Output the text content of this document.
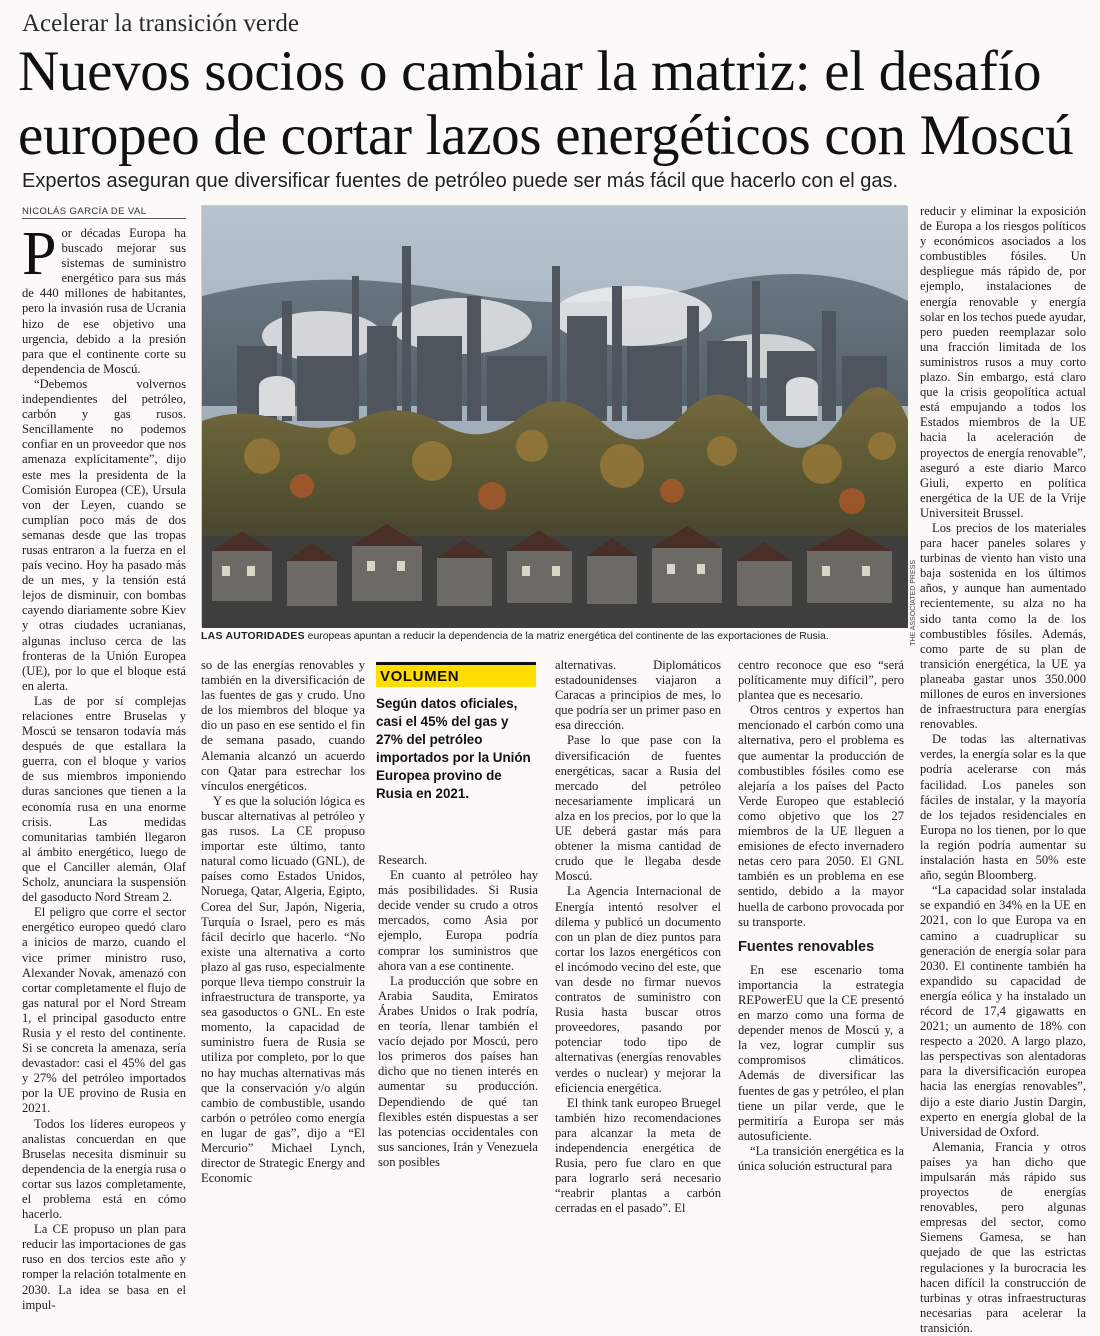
Acelerar la transición verde
Nuevos socios o cambiar la matriz: el desafío europeo de cortar lazos energéticos con Moscú
Expertos aseguran que diversificar fuentes de petróleo puede ser más fácil que hacerlo con el gas.
NICOLÁS GARCÍA DE VAL

Por décadas Europa ha buscado mejorar sus sistemas de suministro energético para sus más de 440 millones de habitantes, pero la invasión rusa de Ucrania hizo de ese objetivo una urgencia, debido a la presión para que el continente corte su dependencia de Moscú.

“Debemos volvernos independientes del petróleo, carbón y gas rusos. Sencillamente no podemos confiar en un proveedor que nos amenaza explícitamente”, dijo este mes la presidenta de la Comisión Europea (CE), Ursula von der Leyen, cuando se cumplían poco más de dos semanas desde que las tropas rusas entraron a la fuerza en el país vecino. Hoy ha pasado más de un mes, y la tensión está lejos de disminuir, con bombas cayendo diariamente sobre Kiev y otras ciudades ucranianas, algunas incluso cerca de las fronteras de la Unión Europea (UE), por lo que el bloque está en alerta.

Las de por sí complejas relaciones entre Bruselas y Moscú se tensaron todavía más después de que estallara la guerra, con el bloque y varios de sus miembros imponiendo duras sanciones que tienen a la economía rusa en una enorme crisis. Las medidas comunitarias también llegaron al ámbito energético, luego de que el Canciller alemán, Olaf Scholz, anunciara la suspensión del gasoducto Nord Stream 2.

El peligro que corre el sector energético europeo quedó claro a inicios de marzo, cuando el vice primer ministro ruso, Alexander Novak, amenazó con cortar completamente el flujo de gas natural por el Nord Stream 1, el principal gasoducto entre Rusia y el resto del continente. Si se concreta la amenaza, sería devastador: casi el 45% del gas y 27% del petróleo importados por la UE provino de Rusia en 2021.

Todos los líderes europeos y analistas concuerdan en que Bruselas necesita disminuir su dependencia de la energía rusa o cortar sus lazos completamente, el problema está en cómo hacerlo.

La CE propuso un plan para reducir las importaciones de gas ruso en dos tercios este año y romper la relación totalmente en 2030. La idea se basa en el impul-

THE ASSOCIATED PRESS
LAS AUTORIDADES europeas apuntan a reducir la dependencia de la matriz energética del continente de las exportaciones de Rusia.

so de las energías renovables y también en la diversificación de las fuentes de gas y crudo. Uno de los miembros del bloque ya dio un paso en ese sentido el fin de semana pasado, cuando Alemania alcanzó un acuerdo con Qatar para estrechar los vínculos energéticos.

Y es que la solución lógica es buscar alternativas al petróleo y gas rusos. La CE propuso importar este último, tanto natural como licuado (GNL), de países como Estados Unidos, Noruega, Qatar, Algeria, Egipto, Corea del Sur, Japón, Nigeria, Turquía o Israel, pero es más fácil decirlo que hacerlo. “No existe una alternativa a corto plazo al gas ruso, especialmente porque lleva tiempo construir la infraestructura de transporte, ya sea gasoductos o GNL. En este momento, la capacidad de suministro fuera de Rusia se utiliza por completo, por lo que no hay muchas alternativas más que la conservación y/o algún cambio de combustible, usando carbón o petróleo como energía en lugar de gas”, dijo a “El Mercurio” Michael Lynch, director de Strategic Energy and Economic

VOLUMEN
Según datos oficiales, casi el 45% del gas y 27% del petróleo importados por la Unión Europea provino de Rusia en 2021.

Research.

En cuanto al petróleo hay más posibilidades. Si Rusia decide vender su crudo a otros mercados, como Asia por ejemplo, Europa podría comprar los suministros que ahora van a ese continente.

La producción que sobre en Arabia Saudita, Emiratos Árabes Unidos o Irak podría, en teoría, llenar también el vacío dejado por Moscú, pero los primeros dos países han dicho que no tienen interés en aumentar su producción. Dependiendo de qué tan flexibles estén dispuestas a ser las potencias occidentales con sus sanciones, Irán y Venezuela son posibles

alternativas. Diplomáticos estadounidenses viajaron a Caracas a principios de mes, lo que podría ser un primer paso en esa dirección.

Pase lo que pase con la diversificación de fuentes energéticas, sacar a Rusia del mercado del petróleo necesariamente implicará un alza en los precios, por lo que la UE deberá gastar más para obtener la misma cantidad de crudo que le llegaba desde Moscú.

La Agencia Internacional de Energía intentó resolver el dilema y publicó un documento con un plan de diez puntos para cortar los lazos energéticos con el incómodo vecino del este, que van desde no firmar nuevos contratos de suministro con Rusia hasta buscar otros proveedores, pasando por potenciar todo tipo de alternativas (energías renovables verdes o nuclear) y mejorar la eficiencia energética.

El think tank europeo Bruegel también hizo recomendaciones para alcanzar la meta de independencia energética de Rusia, pero fue claro en que para lograrlo será necesario “reabrir plantas a carbón cerradas en el pasado”. El

centro reconoce que eso “será políticamente muy difícil”, pero plantea que es necesario.

Otros centros y expertos han mencionado el carbón como una alternativa, pero el problema es que aumentar la producción de combustibles fósiles como ese alejaría a los países del Pacto Verde Europeo que estableció como objetivo que los 27 miembros de la UE lleguen a emisiones de efecto invernadero netas cero para 2050. El GNL también es un problema en ese sentido, debido a la mayor huella de carbono provocada por su transporte.

Fuentes renovables

En ese escenario toma importancia la estrategia REPowerEU que la CE presentó en marzo como una forma de depender menos de Moscú y, a la vez, lograr cumplir sus compromisos climáticos. Además de diversificar las fuentes de gas y petróleo, el plan tiene un pilar verde, que le permitiría a Europa ser más autosuficiente.

“La transición energética es la única solución estructural para

reducir y eliminar la exposición de Europa a los riesgos políticos y económicos asociados a los combustibles fósiles. Un despliegue más rápido de, por ejemplo, instalaciones de energía renovable y energía solar en los techos puede ayudar, pero pueden reemplazar solo una fracción limitada de los suministros rusos a muy corto plazo. Sin embargo, está claro que la crisis geopolítica actual está empujando a todos los Estados miembros de la UE hacia la aceleración de proyectos de energía renovable”, aseguró a este diario Marco Giuli, experto en política energética de la UE de la Vrije Universiteit Brussel.

Los precios de los materiales para hacer paneles solares y turbinas de viento han visto una baja sostenida en los últimos años, y aunque han aumentado recientemente, su alza no ha sido tanta como la de los combustibles fósiles. Además, como parte de su plan de transición energética, la UE ya planeaba gastar unos 350.000 millones de euros en inversiones de infraestructura para energías renovables.

De todas las alternativas verdes, la energía solar es la que podría acelerarse con más facilidad. Los paneles son fáciles de instalar, y la mayoría de los tejados residenciales en Europa no los tienen, por lo que la región podría aumentar su instalación hasta en 50% este año, según Bloomberg.

“La capacidad solar instalada se expandió en 34% en la UE en 2021, con lo que Europa va en camino a cuadruplicar su generación de energía solar para 2030. El continente también ha expandido su capacidad de energía eólica y ha instalado un récord de 17,4 gigawatts en 2021; un aumento de 18% con respecto a 2020. A largo plazo, las perspectivas son alentadoras para la diversificación europea hacia las energías renovables”, dijo a este diario Justin Dargin, experto en energía global de la Universidad de Oxford.

Alemania, Francia y otros países ya han dicho que impulsarán más rápido sus proyectos de energías renovables, pero algunas empresas del sector, como Siemens Gamesa, se han quejado de que las estrictas regulaciones y la burocracia les hacen difícil la construcción de turbinas y otras infraestructuras necesarias para acelerar la transición.
